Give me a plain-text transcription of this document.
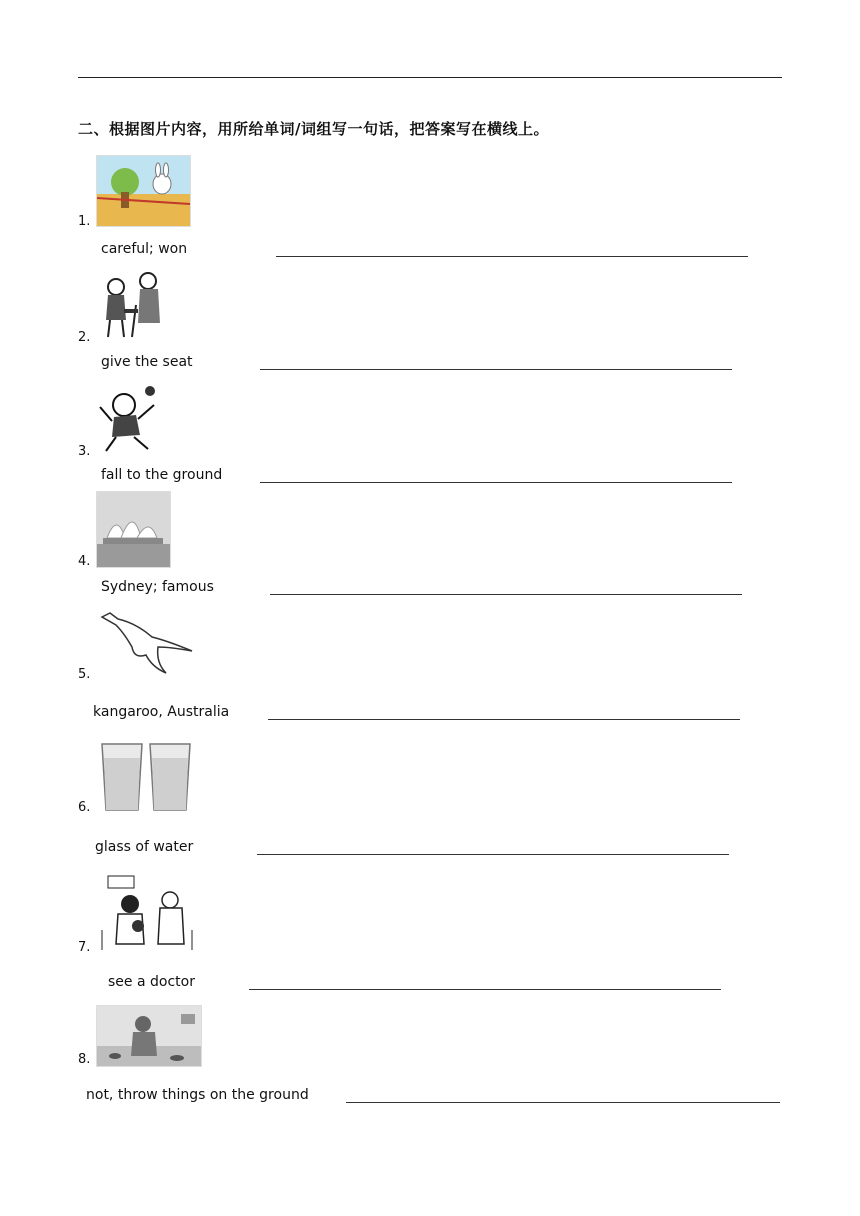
二、根据图片内容，用所给单词/词组写一句话，把答案写在横线上。
1.
careful; won
2.
give the seat
3.
fall to the ground
4.
Sydney; famous
5.
kangaroo, Australia
6.
glass of water
7.
see a doctor
8.
not, throw things on the ground
